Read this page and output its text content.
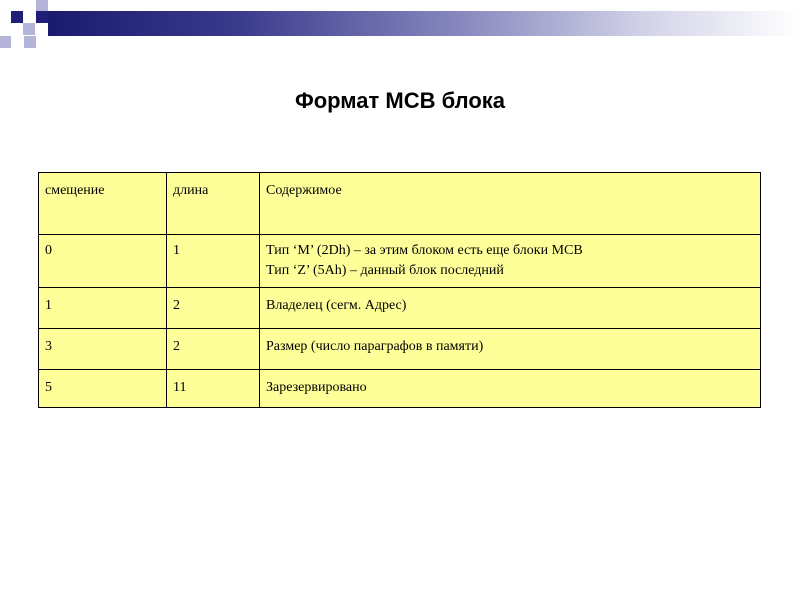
Формат MCB блока
смещение	длина	Содержимое
0	1	Тип ‘M’ (2Dh) – за этим блоком есть еще блоки MCB
Тип ‘Z’ (5Ah) – данный блок последний

1	2	Владелец (сегм. Адрес)
3	2	Размер (число параграфов в памяти)
5	11	Зарезервировано
